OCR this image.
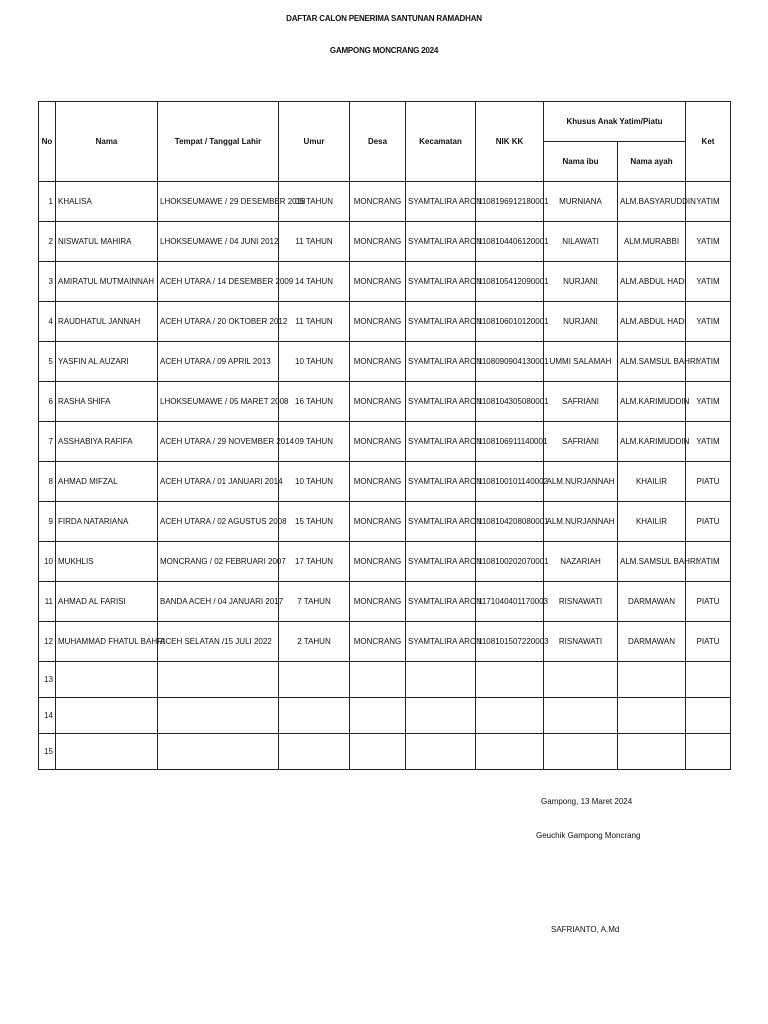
DAFTAR CALON PENERIMA SANTUNAN RAMADHAN
GAMPONG MONCRANG 2024
No	Nama	Tempat / Tanggal Lahir	Umur	Desa	Kecamatan	NIK KK	Khusus Anak Yatim/Piatu		Ket
							Nama ibu	Nama ayah	
1	KHALISA	LHOKSEUMAWE / 29 DESEMBER 2018	05 TAHUN	MONCRANG	SYAMTALIRA ARON	1108196912180001	MURNIANA	ALM.BASYARUDDIN	YATIM
2	NISWATUL MAHIRA	LHOKSEUMAWE / 04 JUNI 2012	11 TAHUN	MONCRANG	SYAMTALIRA ARON	1108104406120001	NILAWATI	ALM.MURABBI	YATIM
3	AMIRATUL MUTMAINNAH	ACEH UTARA / 14 DESEMBER 2009	14 TAHUN	MONCRANG	SYAMTALIRA ARON	1108105412090001	NURJANI	ALM.ABDUL HADI	YATIM
4	RAUDHATUL JANNAH	ACEH UTARA / 20 OKTOBER 2012	11 TAHUN	MONCRANG	SYAMTALIRA ARON	1108106010120001	NURJANI	ALM.ABDUL HADI	YATIM
5	YASFIN AL AUZARI	ACEH UTARA / 09 APRIL 2013	10 TAHUN	MONCRANG	SYAMTALIRA ARON	1108090904130001	UMMI SALAMAH	ALM.SAMSUL BAHRI	YATIM
6	RASHA SHIFA	LHOKSEUMAWE / 05 MARET 2008	16 TAHUN	MONCRANG	SYAMTALIRA ARON	1108104305080001	SAFRIANI	ALM.KARIMUDDIN	YATIM
7	ASSHABIYA RAFIFA	ACEH UTARA / 29 NOVEMBER 2014	09 TAHUN	MONCRANG	SYAMTALIRA ARON	1108106911140001	SAFRIANI	ALM.KARIMUDDIN	YATIM
8	AHMAD MIFZAL	ACEH UTARA / 01 JANUARI 2014	10 TAHUN	MONCRANG	SYAMTALIRA ARON	1108100101140002	ALM.NURJANNAH	KHAILIR	PIATU
9	FIRDA NATARIANA	ACEH UTARA / 02 AGUSTUS 2008	15 TAHUN	MONCRANG	SYAMTALIRA ARON	1108104208080001	ALM.NURJANNAH	KHAILIR	PIATU
10	MUKHLIS	MONCRANG / 02 FEBRUARI 2007	17 TAHUN	MONCRANG	SYAMTALIRA ARON	1108100202070001	NAZARIAH	ALM.SAMSUL BAHRI	YATIM
11	AHMAD AL FARISI	BANDA ACEH / 04 JANUARI 2017	7 TAHUN	MONCRANG	SYAMTALIRA ARON	1171040401170003	RISNAWATI	DARMAWAN	PIATU
12	MUHAMMAD FHATUL BAHRI	ACEH SELATAN /15 JULI 2022	2 TAHUN	MONCRANG	SYAMTALIRA ARON	1108101507220003	RISNAWATI	DARMAWAN	PIATU
13									
14									
15									
Gampong, 13 Maret 2024
Geuchik Gampong Moncrang
SAFRIANTO, A.Md
